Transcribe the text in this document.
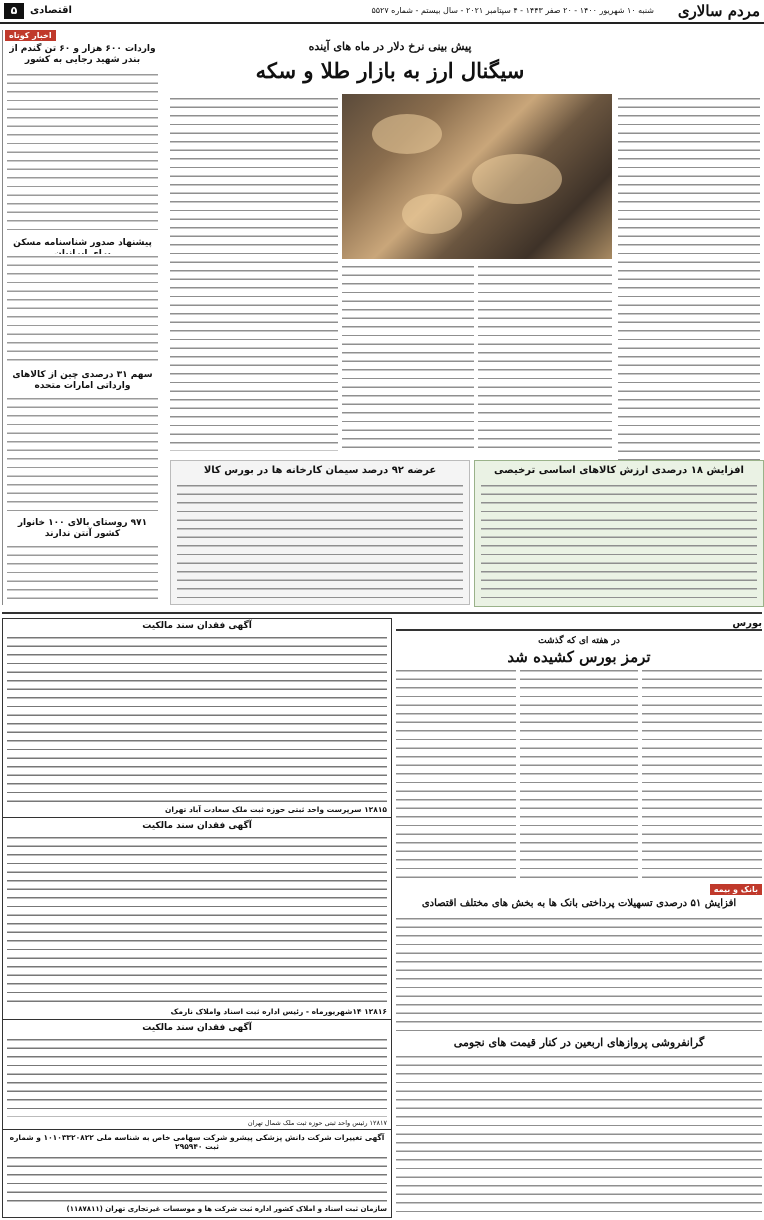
مردم سالاری
شنبه ۱۰ شهریور ۱۴۰۰ - ۲۰ صفر ۱۴۴۳ - ۴ سپتامبر ۲۰۲۱ - سال بیستم - شماره ۵۵۲۷
اقتصادی
۵
اخبار کوتاه
واردات ۶۰۰ هزار و ۶۰ تن گندم از بندر شهید رجایی به کشور
پیشنهاد صدور شناسنامه مسکن
سهم ۳۱ درصدی چین از کالاهای وارداتی امارات متحده
۹۷۱ روستای بالای ۱۰۰ خانوار کشور آنتن ندارند
پیش بینی نرخ دلار در ماه های آینده
سیگنال ارز به بازار طلا و سکه
عرضه ۹۲ درصد سیمان کارخانه ها در بورس کالا	افزایش ۱۸ درصدی ارزش کالاهای اساسی ترخیصی
بورس
در هفته ای که گذشت
ترمز بورس کشیده شد
بانک و بیمه
افزایش ۵۱ درصدی تسهیلات پرداختی بانک ها به بخش های مختلف اقتصادی
گرانفروشی پروازهای اربعین در کنار قیمت های نجومی
آگهی فقدان سند مالکیت
۱۲۸۱۵ سرپرست واحد ثبتی حوزه ثبت ملک سعادت آباد تهران
آگهی فقدان سند مالکیت
۱۲۸۱۶ ۱۴شهریورماه - رئیس اداره ثبت اسناد واملاک نارمک
آگهی فقدان سند مالکیت
۱۲۸۱۷ رئیس واحد ثبتی حوزه ثبت ملک شمال تهران
آگهی تغییرات شرکت دانش پزشکی پیشرو شرکت سهامی خاص به شناسه ملی ۱۰۱۰۳۳۲۰۸۲۲ و شماره ثبت ۲۹۵۹۴۰
سازمان ثبت اسناد و املاک کشور اداره ثبت شرکت ها و موسسات غیرتجاری تهران (۱۱۸۷۸۱۱)
